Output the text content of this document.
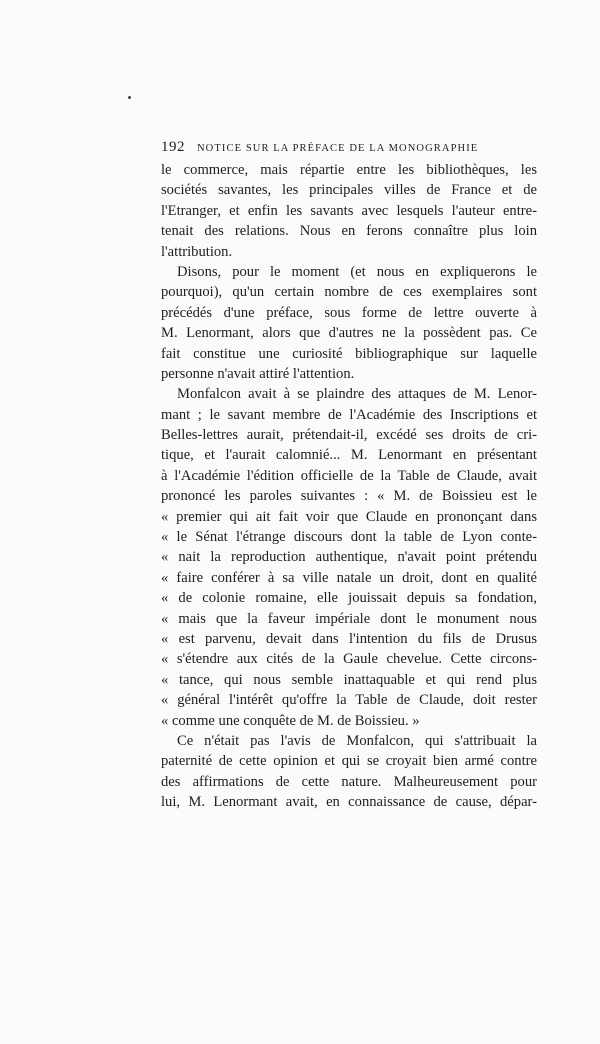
192 NOTICE SUR LA PRÉFACE DE LA MONOGRAPHIE
le commerce, mais répartie entre les bibliothèques, les
sociétés savantes, les principales villes de France et de
l'Etranger, et enfin les savants avec lesquels l'auteur entre-
tenait des relations. Nous en ferons connaître plus loin
l'attribution.
Disons, pour le moment (et nous en expliquerons le
pourquoi), qu'un certain nombre de ces exemplaires sont
précédés d'une préface, sous forme de lettre ouverte à
M. Lenormant, alors que d'autres ne la possèdent pas. Ce
fait constitue une curiosité bibliographique sur laquelle
personne n'avait attiré l'attention.
Monfalcon avait à se plaindre des attaques de M. Lenor-
mant ; le savant membre de l'Académie des Inscriptions et
Belles-lettres aurait, prétendait-il, excédé ses droits de cri-
tique, et l'aurait calomnié... M. Lenormant en présentant
à l'Académie l'édition officielle de la Table de Claude, avait
prononcé les paroles suivantes : « M. de Boissieu est le
« premier qui ait fait voir que Claude en prononçant dans
« le Sénat l'étrange discours dont la table de Lyon conte-
« nait la reproduction authentique, n'avait point prétendu
« faire conférer à sa ville natale un droit, dont en qualité
« de colonie romaine, elle jouissait depuis sa fondation,
« mais que la faveur impériale dont le monument nous
« est parvenu, devait dans l'intention du fils de Drusus
« s'étendre aux cités de la Gaule chevelue. Cette circons-
« tance, qui nous semble inattaquable et qui rend plus
« général l'intérêt qu'offre la Table de Claude, doit rester
« comme une conquête de M. de Boissieu. »
Ce n'était pas l'avis de Monfalcon, qui s'attribuait la
paternité de cette opinion et qui se croyait bien armé contre
des affirmations de cette nature. Malheureusement pour
lui, M. Lenormant avait, en connaissance de cause, dépar-
